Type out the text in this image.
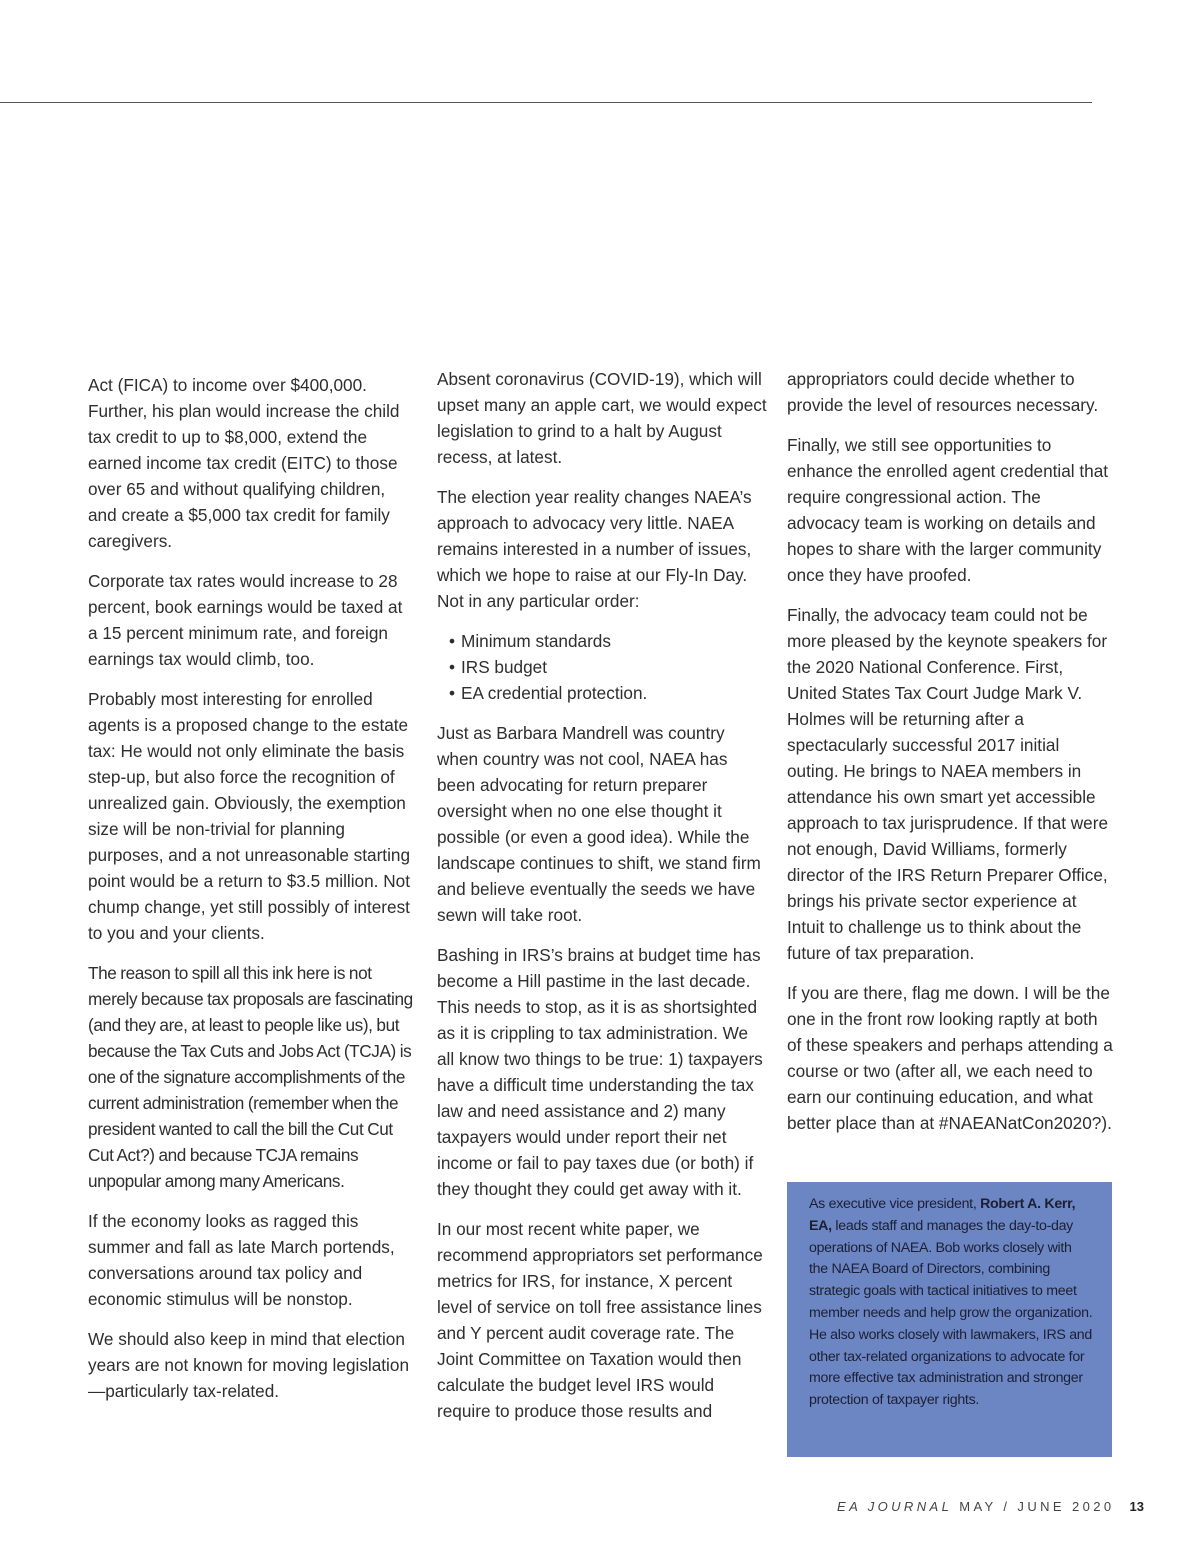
Act (FICA) to income over $400,000. Further, his plan would increase the child tax credit to up to $8,000, extend the earned income tax credit (EITC) to those over 65 and without qualifying children, and create a $5,000 tax credit for family caregivers.

Corporate tax rates would increase to 28 percent, book earnings would be taxed at a 15 percent minimum rate, and foreign earnings tax would climb, too.

Probably most interesting for enrolled agents is a proposed change to the estate tax: He would not only eliminate the basis step-up, but also force the recognition of unrealized gain. Obviously, the exemption size will be non-trivial for planning purposes, and a not unreasonable starting point would be a return to $3.5 million. Not chump change, yet still possibly of interest to you and your clients.

The reason to spill all this ink here is not merely because tax proposals are fascinating (and they are, at least to people like us), but because the Tax Cuts and Jobs Act (TCJA) is one of the signature accomplishments of the current administration (remember when the president wanted to call the bill the Cut Cut Cut Act?) and because TCJA remains unpopular among many Americans.

If the economy looks as ragged this summer and fall as late March portends, conversations around tax policy and economic stimulus will be nonstop.

We should also keep in mind that election years are not known for moving legislation—particularly tax-related.

Absent coronavirus (COVID-19), which will upset many an apple cart, we would expect legislation to grind to a halt by August recess, at latest.

The election year reality changes NAEA’s approach to advocacy very little. NAEA remains interested in a number of issues, which we hope to raise at our Fly-In Day. Not in any particular order:

• Minimum standards
• IRS budget
• EA credential protection.

Just as Barbara Mandrell was country when country was not cool, NAEA has been advocating for return preparer oversight when no one else thought it possible (or even a good idea). While the landscape continues to shift, we stand firm and believe eventually the seeds we have sewn will take root.

Bashing in IRS’s brains at budget time has become a Hill pastime in the last decade. This needs to stop, as it is as shortsighted as it is crippling to tax administration. We all know two things to be true: 1) taxpayers have a difficult time understanding the tax law and need assistance and 2) many taxpayers would under report their net income or fail to pay taxes due (or both) if they thought they could get away with it.

In our most recent white paper, we recommend appropriators set performance metrics for IRS, for instance, X percent level of service on toll free assistance lines and Y percent audit coverage rate. The Joint Committee on Taxation would then calculate the budget level IRS would require to produce those results and

appropriators could decide whether to provide the level of resources necessary.

Finally, we still see opportunities to enhance the enrolled agent credential that require congressional action. The advocacy team is working on details and hopes to share with the larger community once they have proofed.

Finally, the advocacy team could not be more pleased by the keynote speakers for the 2020 National Conference. First, United States Tax Court Judge Mark V. Holmes will be returning after a spectacularly successful 2017 initial outing. He brings to NAEA members in attendance his own smart yet accessible approach to tax jurisprudence. If that were not enough, David Williams, formerly director of the IRS Return Preparer Office, brings his private sector experience at Intuit to challenge us to think about the future of tax preparation.

If you are there, flag me down. I will be the one in the front row looking raptly at both of these speakers and perhaps attending a course or two (after all, we each need to earn our continuing education, and what better place than at #NAEANatCon2020?).

As executive vice president, Robert A. Kerr, EA, leads staff and manages the day-to-day operations of NAEA. Bob works closely with the NAEA Board of Directors, combining strategic goals with tactical initiatives to meet member needs and help grow the organization. He also works closely with lawmakers, IRS and other tax-related organizations to advocate for more effective tax administration and stronger protection of taxpayer rights.
EA JOURNAL MAY / JUNE 2020 13
